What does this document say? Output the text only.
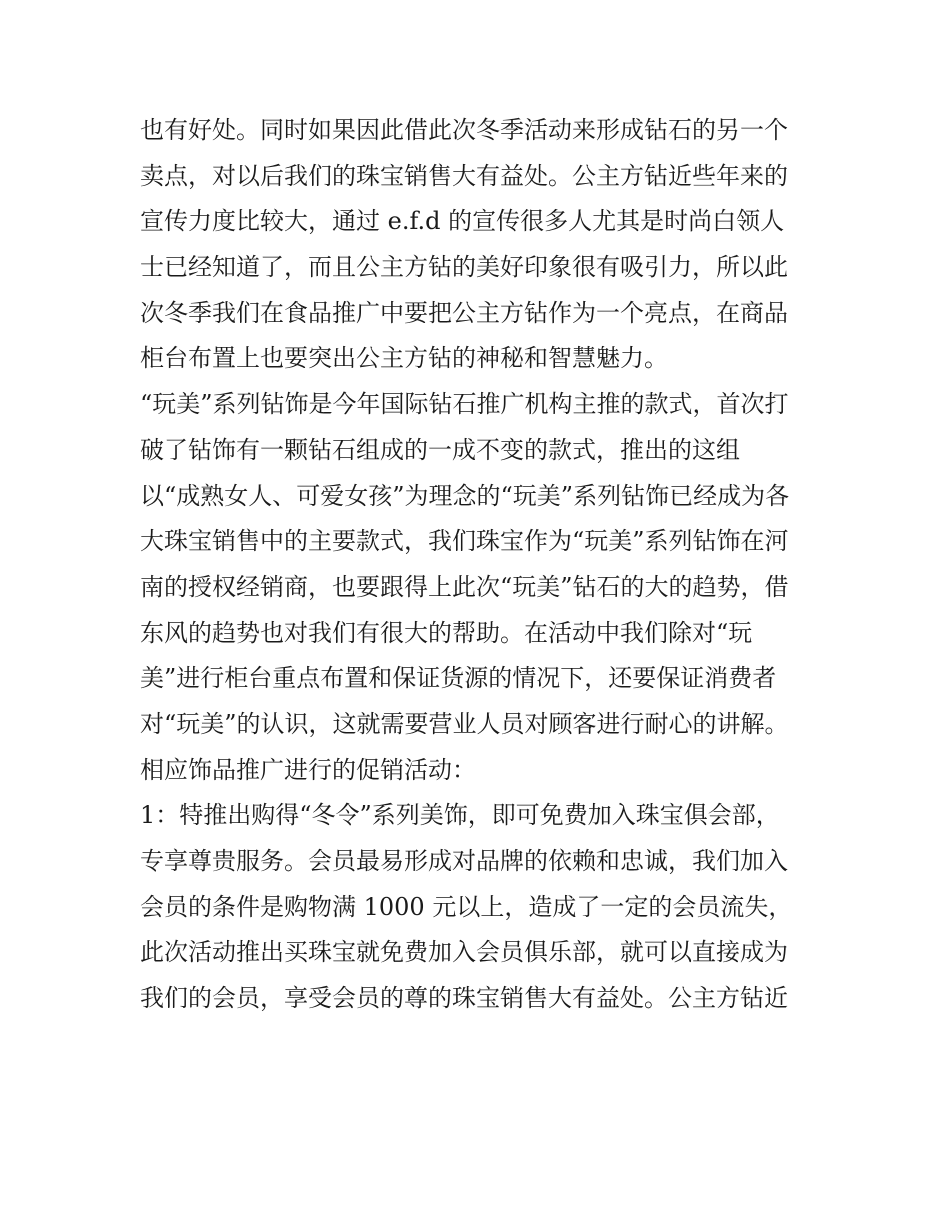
也有好处。同时如果因此借此次冬季活动来形成钻石的另一个
卖点，对以后我们的珠宝销售大有益处。公主方钻近些年来的
宣传力度比较大，通过 e.f.d 的宣传很多人尤其是时尚白领人
士已经知道了，而且公主方钻的美好印象很有吸引力，所以此
次冬季我们在食品推广中要把公主方钻作为一个亮点，在商品
柜台布置上也要突出公主方钻的神秘和智慧魅力。
“玩美”系列钻饰是今年国际钻石推广机构主推的款式，首次打
破了钻饰有一颗钻石组成的一成不变的款式，推出的这组
以“成熟女人、可爱女孩”为理念的“玩美”系列钻饰已经成为各
大珠宝销售中的主要款式，我们珠宝作为“玩美”系列钻饰在河
南的授权经销商，也要跟得上此次“玩美”钻石的大的趋势，借
东风的趋势也对我们有很大的帮助。在活动中我们除对“玩
美”进行柜台重点布置和保证货源的情况下，还要保证消费者
对“玩美”的认识，这就需要营业人员对顾客进行耐心的讲解。
相应饰品推广进行的促销活动：
1：特推出购得“冬令”系列美饰，即可免费加入珠宝俱会部，
专享尊贵服务。会员最易形成对品牌的依赖和忠诚，我们加入
会员的条件是购物满 1000 元以上，造成了一定的会员流失，
此次活动推出买珠宝就免费加入会员俱乐部，就可以直接成为
我们的会员，享受会员的尊的珠宝销售大有益处。公主方钻近
